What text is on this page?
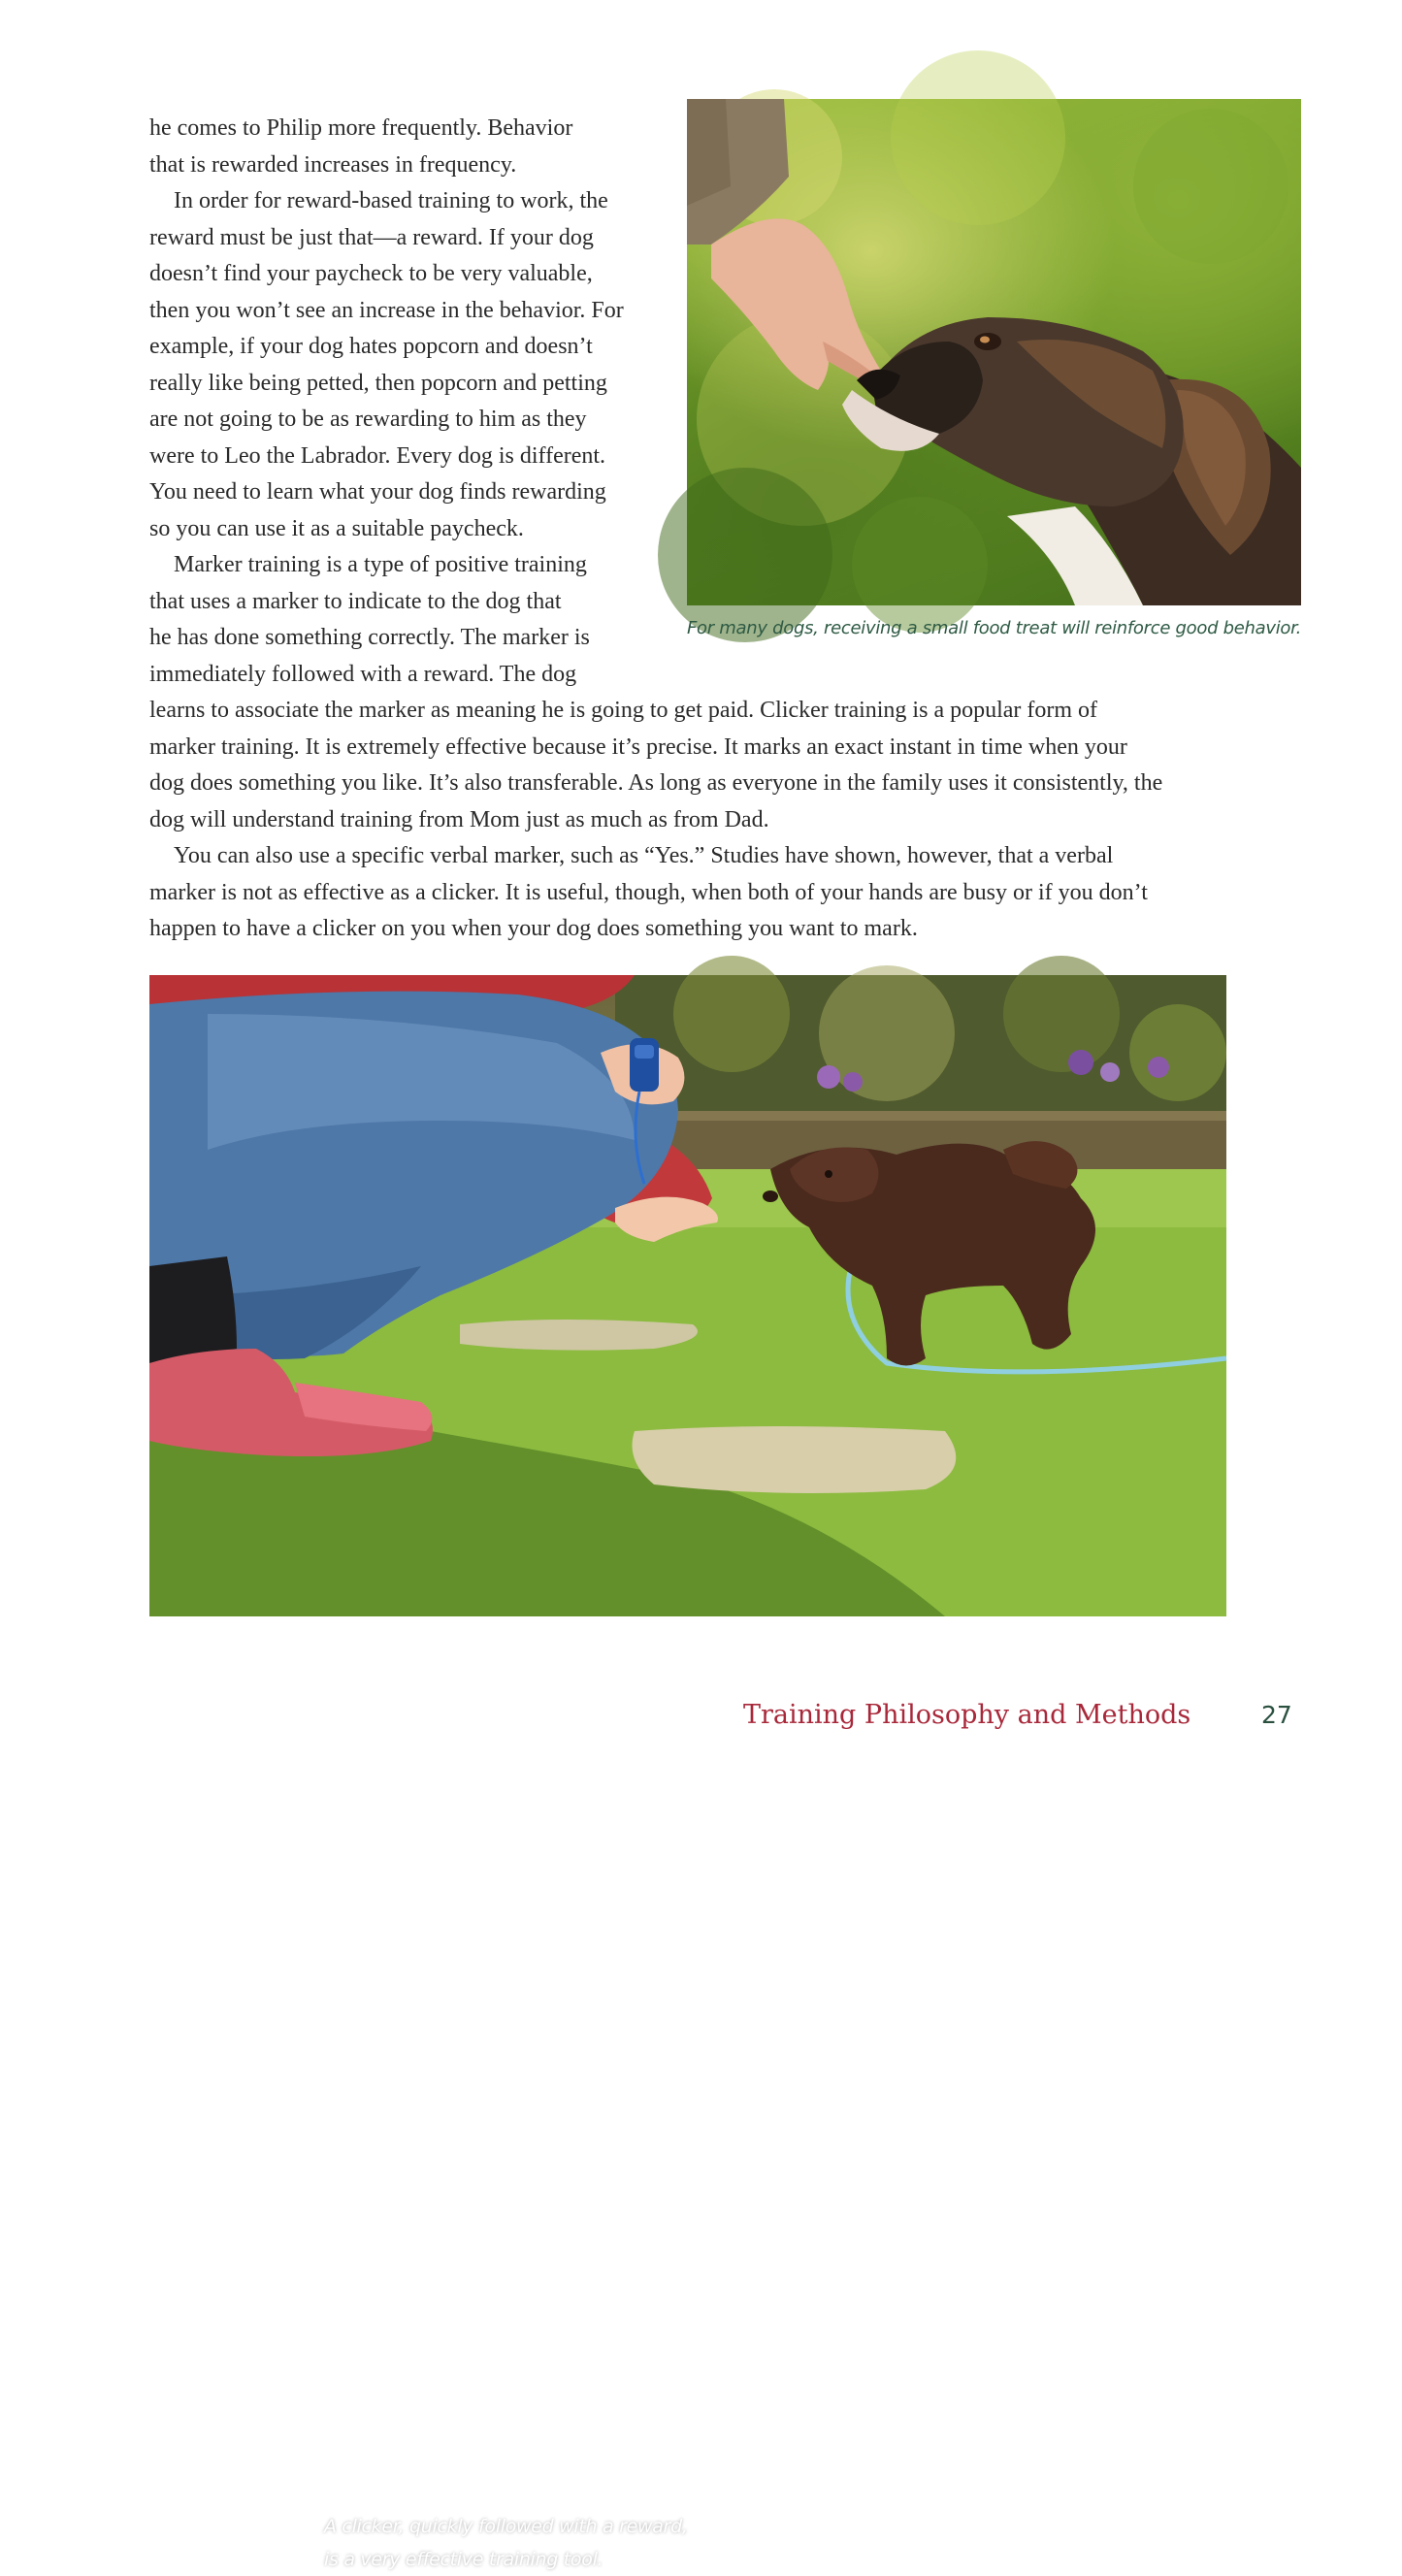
he comes to Philip more frequently. Behavior
that is rewarded increases in frequency.

In order for reward-based training to work, the
reward must be just that—a reward. If your dog
doesn’t find your paycheck to be very valuable,
then you won’t see an increase in the behavior. For
example, if your dog hates popcorn and doesn’t
really like being petted, then popcorn and petting
are not going to be as rewarding to him as they
were to Leo the Labrador. Every dog is different.
You need to learn what your dog finds rewarding
so you can use it as a suitable paycheck.

Marker training is a type of positive training
that uses a marker to indicate to the dog that
he has done something correctly. The marker is
immediately followed with a reward. The dog
learns to associate the marker as meaning he is going to get paid. Clicker training is a popular form of
marker training. It is extremely effective because it’s precise. It marks an exact instant in time when your
dog does something you like. It’s also transferable. As long as everyone in the family uses it consistently, the
dog will understand training from Mom just as much as from Dad.

You can also use a specific verbal marker, such as “Yes.” Studies have shown, however, that a verbal
marker is not as effective as a clicker. It is useful, though, when both of your hands are busy or if you don’t
happen to have a clicker on you when your dog does something you want to mark.

For many dogs, receiving a small food treat will reinforce good behavior.
A clicker, quickly followed with a reward,
is a very effective training tool.
Training Philosophy and Methods	27
